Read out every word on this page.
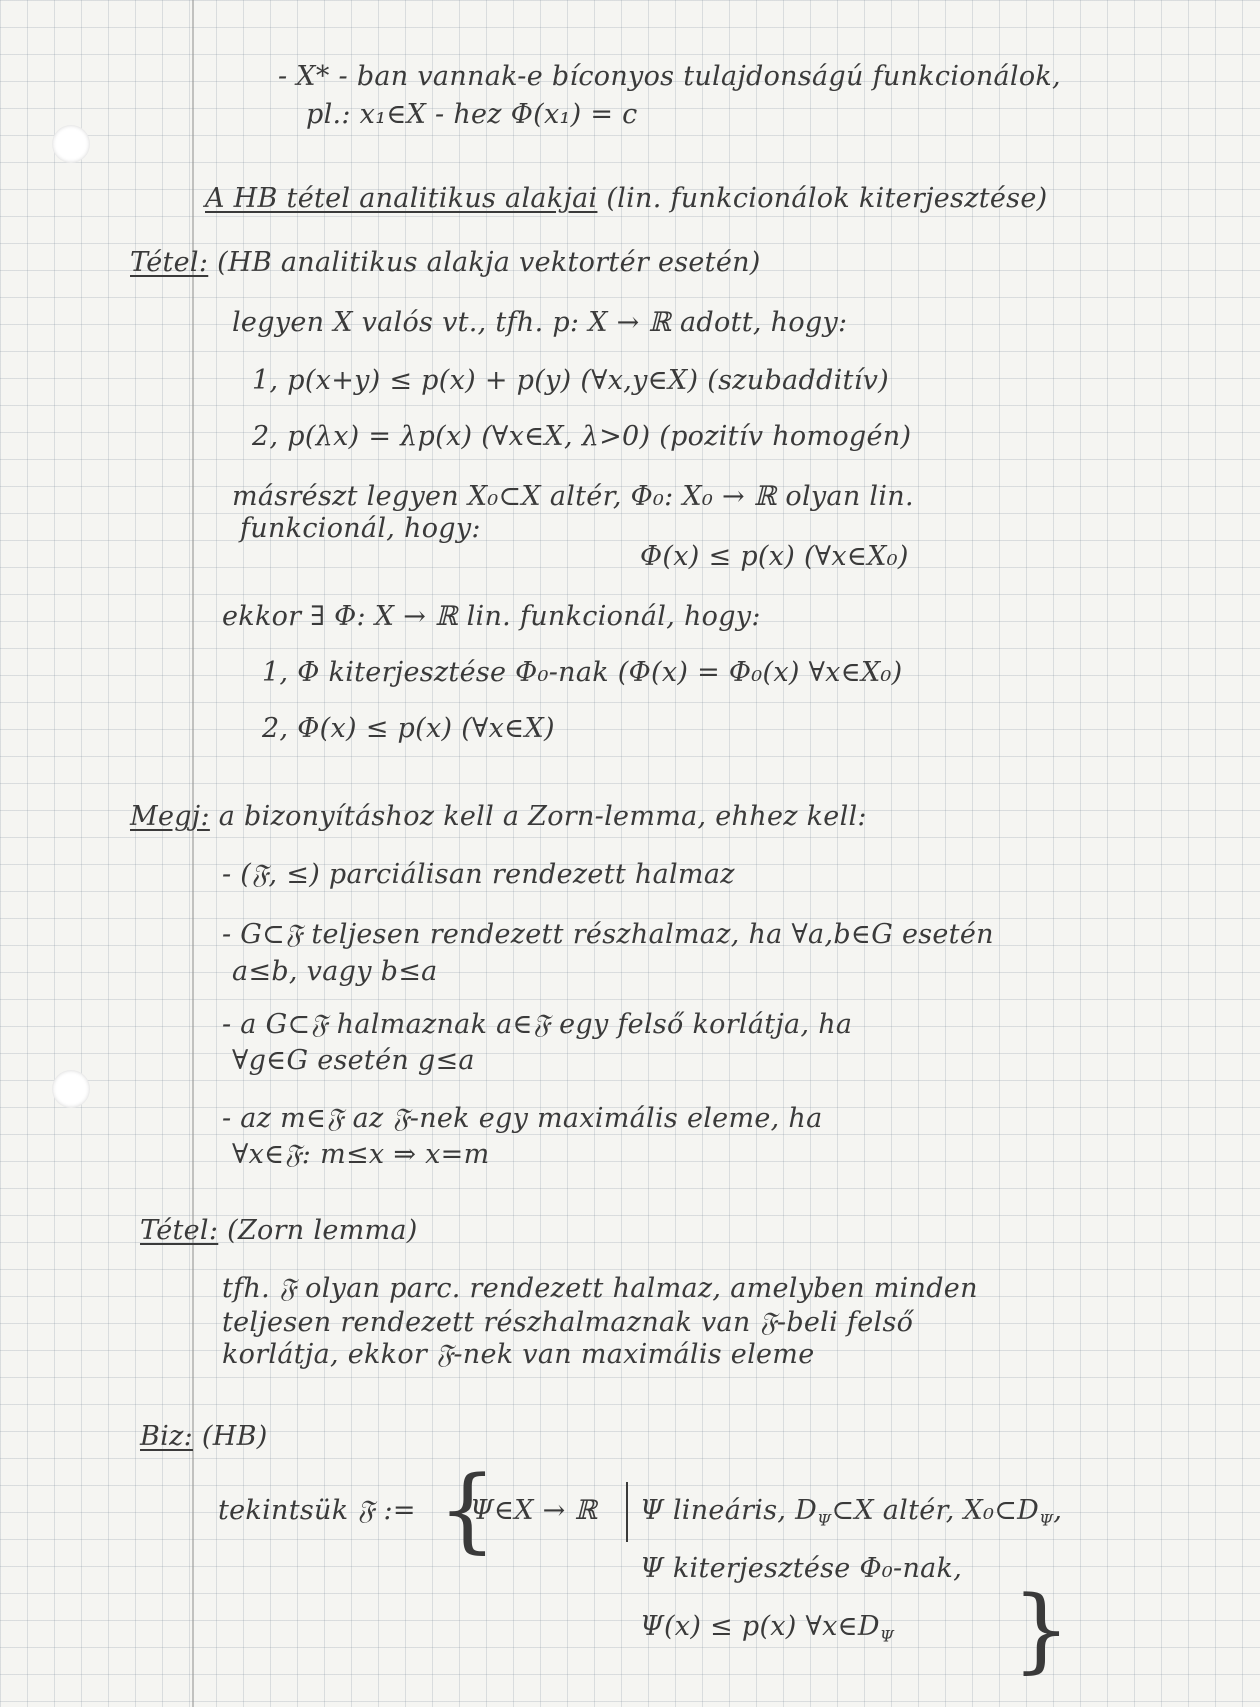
- X* - ban vannak-e bíconyos tulajdonságú funkcionálok,
pl.: x₁∈X - hez Φ(x₁) = c
A HB tétel analitikus alakjai (lin. funkcionálok kiterjesztése)
Tétel: (HB analitikus alakja vektortér esetén)
legyen X valós vt., tfh. p: X → ℝ adott, hogy:
1, p(x+y) ≤ p(x) + p(y) (∀x,y∈X) (szubadditív)
2, p(λx) = λp(x) (∀x∈X, λ>0) (pozitív homogén)
másrészt legyen X₀⊂X altér, Φ₀: X₀ → ℝ olyan lin.
funkcionál, hogy:
Φ(x) ≤ p(x) (∀x∈X₀)
ekkor ∃ Φ: X → ℝ lin. funkcionál, hogy:
1, Φ kiterjesztése Φ₀-nak (Φ(x) = Φ₀(x) ∀x∈X₀)
2, Φ(x) ≤ p(x) (∀x∈X)
Megj: a bizonyításhoz kell a Zorn-lemma, ehhez kell:
- (𝔉, ≤) parciálisan rendezett halmaz
- G⊂𝔉 teljesen rendezett részhalmaz, ha ∀a,b∈G esetén
a≤b, vagy b≤a
- a G⊂𝔉 halmaznak a∈𝔉 egy felső korlátja, ha
∀g∈G esetén g≤a
- az m∈𝔉 az 𝔉-nek egy maximális eleme, ha
∀x∈𝔉: m≤x ⇒ x=m
Tétel: (Zorn lemma)
tfh. 𝔉 olyan parc. rendezett halmaz, amelyben minden
teljesen rendezett részhalmaznak van 𝔉-beli felső
korlátja, ekkor 𝔉-nek van maximális eleme
Biz: (HB)
tekintsük 𝔉 := {
Ψ∈X → ℝ Ψ lineáris, $D_\Psi\subset X$ altér, $X_0\subset D_\Psi$,
Ψ kiterjesztése Φ₀-nak,
Ψ(x) ≤ p(x) $\forall x\in D_\Psi$ }
